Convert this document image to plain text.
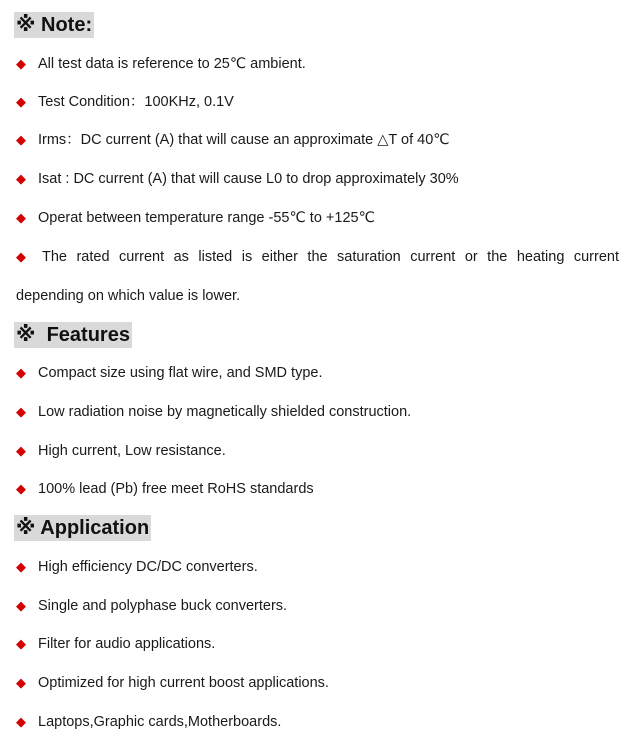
※ Note:
◆ All test data is reference to 25℃ ambient.
◆ Test Condition：100KHz, 0.1V
◆ Irms：DC current (A) that will cause an approximate △T of 40℃
◆ Isat : DC current (A) that will cause L0 to drop approximately 30%
◆ Operat between temperature range -55℃ to +125℃
◆ The rated current as listed is either the saturation current or the heating current
depending on which value is lower.
※ Features
◆ Compact size using flat wire, and SMD type.
◆ Low radiation noise by magnetically shielded construction.
◆ High current, Low resistance.
◆ 100% lead (Pb) free meet RoHS standards
※ Application
◆ High efficiency DC/DC converters.
◆ Single and polyphase buck converters.
◆ Filter for audio applications.
◆ Optimized for high current boost applications.
◆ Laptops,Graphic cards,Motherboards.
